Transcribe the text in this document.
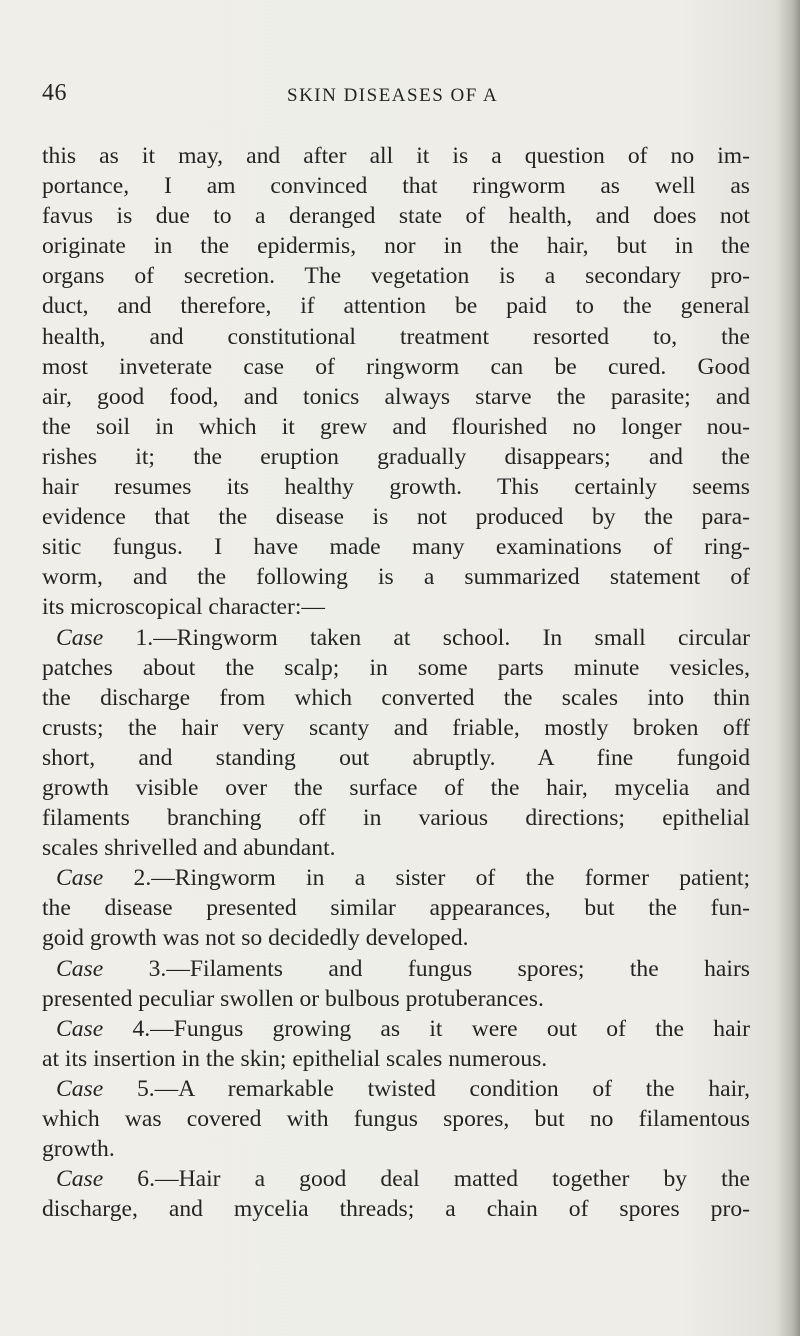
46	SKIN DISEASES OF A
this as it may, and after all it is a question of no im-
portance, I am convinced that ringworm as well as
favus is due to a deranged state of health, and does not
originate in the epidermis, nor in the hair, but in the
organs of secretion. The vegetation is a secondary pro-
duct, and therefore, if attention be paid to the general
health, and constitutional treatment resorted to, the
most inveterate case of ringworm can be cured. Good
air, good food, and tonics always starve the parasite; and
the soil in which it grew and flourished no longer nou-
rishes it; the eruption gradually disappears; and the
hair resumes its healthy growth. This certainly seems
evidence that the disease is not produced by the para-
sitic fungus. I have made many examinations of ring-
worm, and the following is a summarized statement of
its microscopical character:—
Case 1.—Ringworm taken at school. In small circular
patches about the scalp; in some parts minute vesicles,
the discharge from which converted the scales into thin
crusts; the hair very scanty and friable, mostly broken off
short, and standing out abruptly. A fine fungoid
growth visible over the surface of the hair, mycelia and
filaments branching off in various directions; epithelial
scales shrivelled and abundant.
Case 2.—Ringworm in a sister of the former patient;
the disease presented similar appearances, but the fun-
goid growth was not so decidedly developed.
Case 3.—Filaments and fungus spores; the hairs
presented peculiar swollen or bulbous protuberances.
Case 4.—Fungus growing as it were out of the hair
at its insertion in the skin; epithelial scales numerous.
Case 5.—A remarkable twisted condition of the hair,
which was covered with fungus spores, but no filamentous
growth.
Case 6.—Hair a good deal matted together by the
discharge, and mycelia threads; a chain of spores pro-
